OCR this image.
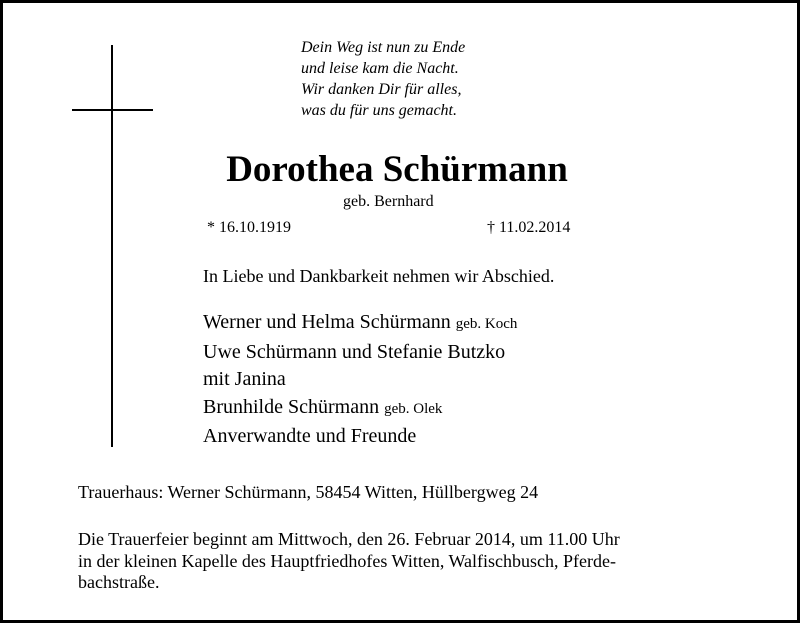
Dein Weg ist nun zu Ende
und leise kam die Nacht.
Wir danken Dir für alles,
was du für uns gemacht.
Dorothea Schürmann
geb. Bernhard
* 16.10.1919	† 11.02.2014
In Liebe und Dankbarkeit nehmen wir Abschied.
Werner und Helma Schürmann geb. Koch
Uwe Schürmann und Stefanie Butzko
mit Janina
Brunhilde Schürmann geb. Olek
Anverwandte und Freunde
Trauerhaus: Werner Schürmann, 58454 Witten, Hüllbergweg 24
Die Trauerfeier beginnt am Mittwoch, den 26. Februar 2014, um 11.00 Uhr
in der kleinen Kapelle des Hauptfriedhofes Witten, Walfischbusch, Pferde-
bachstraße.
